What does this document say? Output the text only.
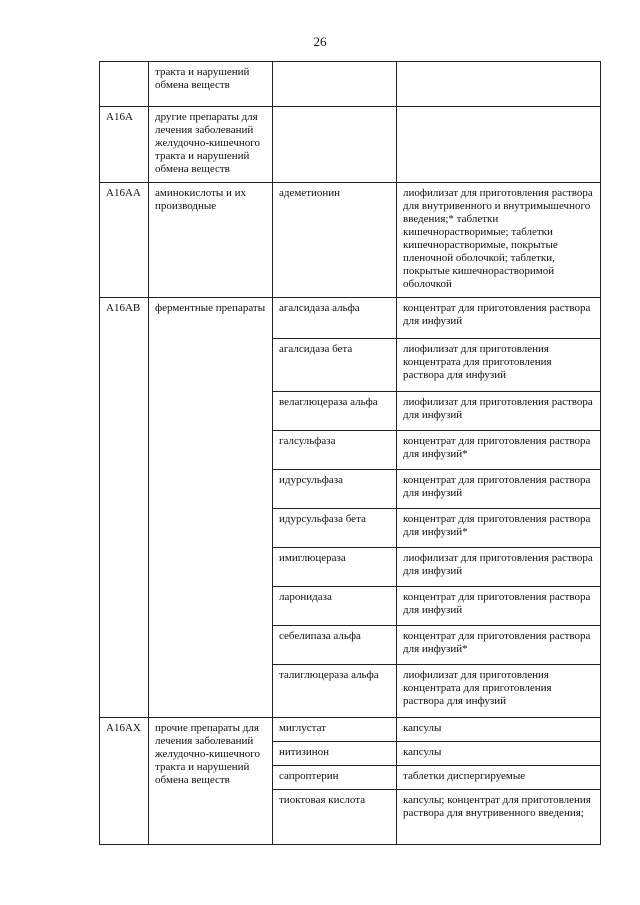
26
	тракта и нарушений обмена веществ		
A16A	другие препараты для лечения заболеваний желудочно-кишечного тракта и нарушений обмена веществ		
A16AA	аминокислоты и их производные	адеметионин	лиофилизат для приготовления раствора для внутривенного и внутримышечного введения;* таблетки кишечнорастворимые; таблетки кишечнорастворимые, покрытые пленочной оболочкой; таблетки, покрытые кишечнорастворимой оболочкой
A16AB	ферментные препараты	агалсидаза альфа	концентрат для приготовления раствора для инфузий
		агалсидаза бета	лиофилизат для приготовления концентрата для приготовления раствора для инфузий
		велаглюцераза альфа	лиофилизат для приготовления раствора для инфузий
		галсульфаза	концентрат для приготовления раствора для инфузий*
		идурсульфаза	концентрат для приготовления раствора для инфузий
		идурсульфаза бета	концентрат для приготовления раствора для инфузий*
		имиглюцераза	лиофилизат для приготовления раствора для инфузий
		ларонидаза	концентрат для приготовления раствора для инфузий
		себелипаза альфа	концентрат для приготовления раствора для инфузий*
		талиглюцераза альфа	лиофилизат для приготовления концентрата для приготовления раствора для инфузий
A16AX	прочие препараты для лечения заболеваний желудочно-кишечного тракта и нарушений обмена веществ	миглустат	капсулы
		нитизинон	капсулы
		сапроптерин	таблетки диспергируемые
		тиоктовая кислота	капсулы; концентрат для приготовления раствора для внутривенного введения;
